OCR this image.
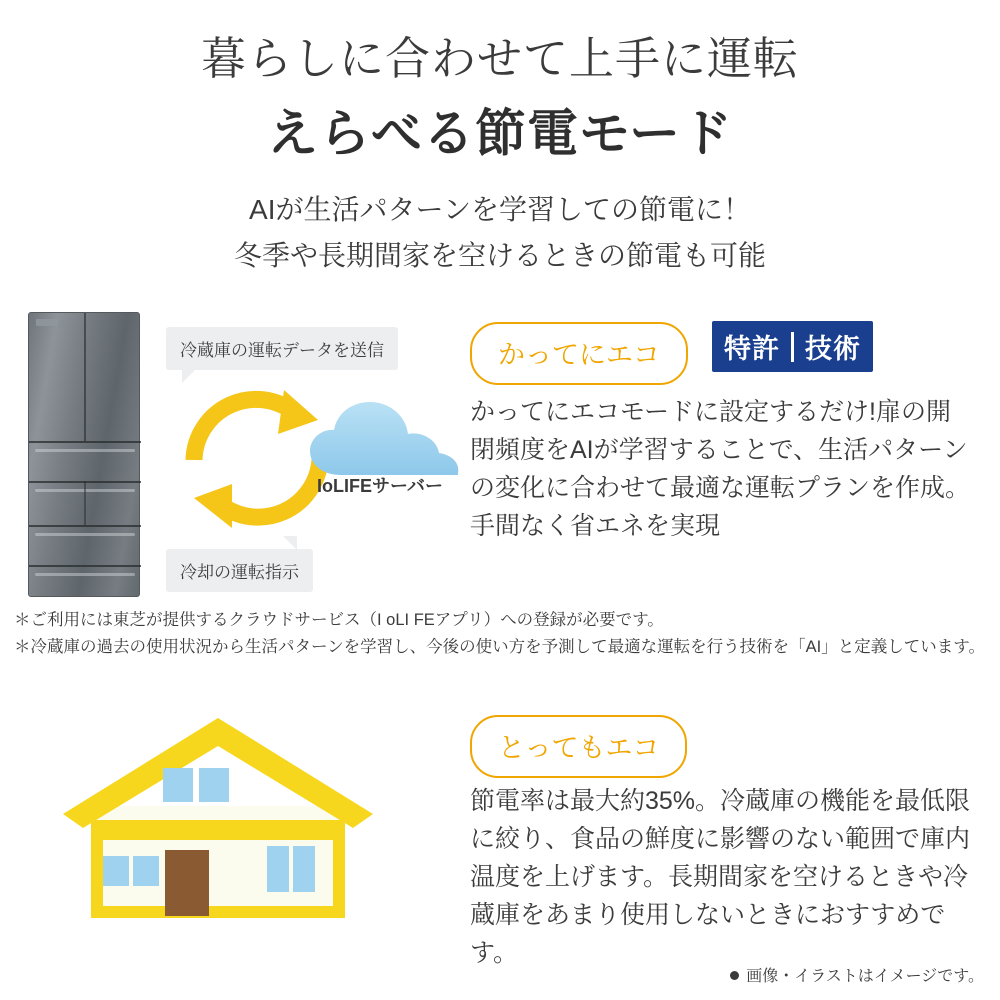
暮らしに合わせて上手に運転
えらべる節電モード
AIが生活パターンを学習しての節電に！
冬季や長期間家を空けるときの節電も可能
冷蔵庫の運転データを送信
冷却の運転指示
IoLIFEサーバー
かってにエコ	特許 技術
かってにエコモードに設定するだけ!扉の開閉頻度をAIが学習することで、生活パターンの変化に合わせて最適な運転プランを作成。手間なく省エネを実現
＊ご利用には東芝が提供するクラウドサービス（I oLI FEアプリ）への登録が必要です。
＊冷蔵庫の過去の使用状況から生活パターンを学習し、今後の使い方を予測して最適な運転を行う技術を「AI」と定義しています。
とってもエコ
節電率は最大約35%。冷蔵庫の機能を最低限に絞り、食品の鮮度に影響のない範囲で庫内温度を上げます。長期間家を空けるときや冷蔵庫をあまり使用しないときにおすすめです。
画像・イラストはイメージです。
